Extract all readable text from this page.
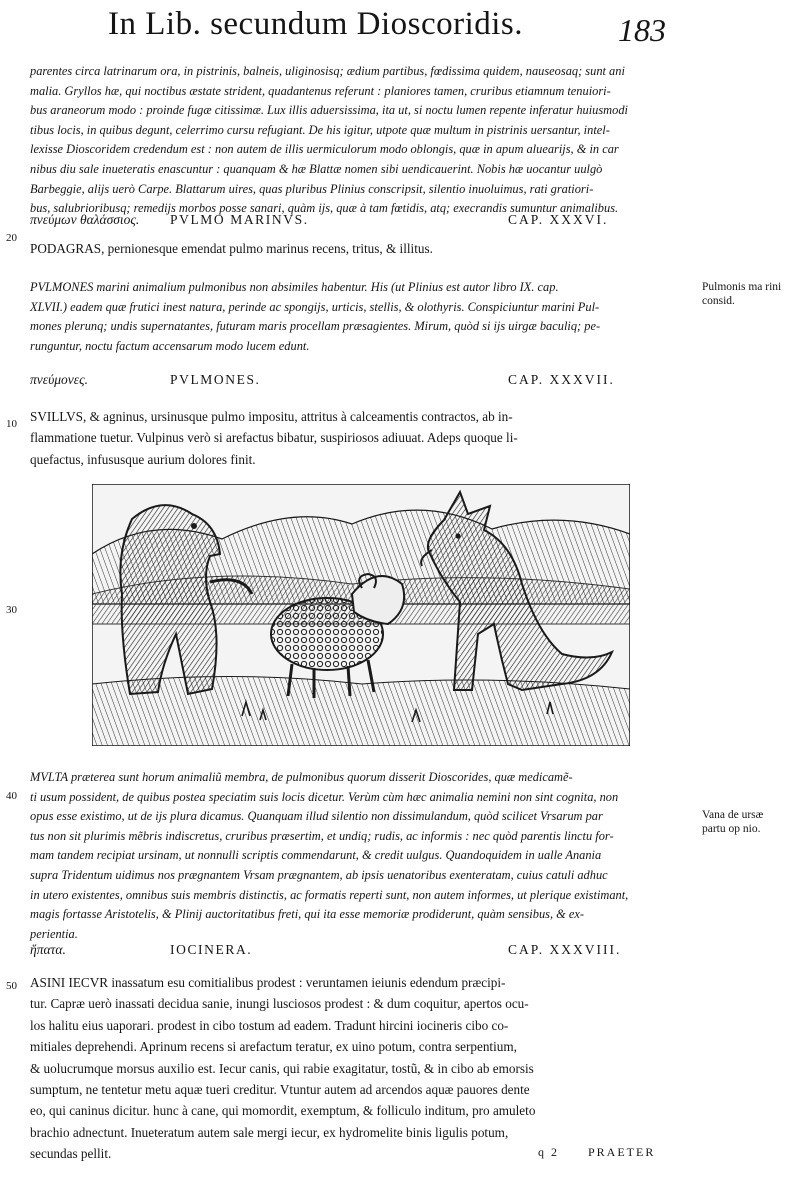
In Lib. secundum Dioscoridis.	183

parentes circa latrinarum ora, in pistrinis, balneis, uliginosisq; ædium partibus, fœdissima quidem, nauseosaq; sunt ani

malia. Gryllos hæ, qui noctibus æstate strident, quadantenus referunt : planiores tamen, cruribus etiamnum tenuiori-

bus araneorum modo : proinde fugæ citissimæ. Lux illis aduersissima, ita ut, si noctu lumen repente inferatur huiusmodi

tibus locis, in quibus degunt, celerrimo cursu refugiant. De his igitur, utpote quæ multum in pistrinis uersantur, intel-

lexisse Dioscoridem credendum est : non autem de illis uermiculorum modo oblongis, quæ in apum aluearijs, & in car

nibus diu sale inueteratis enascuntur : quanquam & hæ Blattæ nomen sibi uendicauerint. Nobis hæ uocantur uulgò

Barbeggie, alijs uerò Carpe. Blattarum uires, quas pluribus Plinius conscripsit, silentio inuoluimus, rati gratiori-

bus, salubrioribusq; remedijs morbos posse sanari, quàm ijs, quæ à tam fœtidis, atq; execrandis sumuntur animalibus.

πνεύμων θαλάσσιος. PVLMO MARINVS.	CAP. XXXVI.
20

PODAGRAS, pernionesque emendat pulmo marinus recens, tritus, & illitus.

PVLMONES marini animalium pulmonibus non absimiles habentur. His (ut Plinius est autor libro IX. cap.

XLVII.) eadem quæ frutici inest natura, perinde ac spongijs, urticis, stellis, & olothyris. Conspiciuntur marini Pul-

mones plerunq; undis supernatantes, futuram maris procellam præsagientes. Mirum, quòd si ijs uirgæ baculiq; pe-

runguntur, noctu factum accensarum modo lucem edunt.

Pulmonis ma rini consid.
πνεύμονες.	PVLMONES.	CAP. XXXVII.
10 SVILLVS, & agninus, ursinusque pulmo impositu, attritus à calceamentis contractos, ab in-

flammatione tuetur. Vulpinus verò si arefactus bibatur, suspiriosos adiuuat. Adeps quoque li-

quefactus, infususque aurium dolores finit.

30
40

MVLTA præterea sunt horum animaliũ membra, de pulmonibus quorum disserit Dioscorides, quæ medicamẽ-

ti usum possident, de quibus postea speciatim suis locis dicetur. Verùm cùm hæc animalia nemini non sint cognita, non

opus esse existimo, ut de ijs plura dicamus. Quanquam illud silentio non dissimulandum, quòd scilicet Vrsarum par

tus non sit plurimis mẽbris indiscretus, cruribus præsertim, et undiq; rudis, ac informis : nec quòd parentis linctu for-

mam tandem recipiat ursinam, ut nonnulli scriptis commendarunt, & credit uulgus. Quandoquidem in ualle Anania

supra Tridentum uidimus nos prægnantem Vrsam prægnantem, ab ipsis uenatoribus exenteratam, cuius catuli adhuc

in utero existentes, omnibus suis membris distinctis, ac formatis reperti sunt, non autem informes, ut plerique existimant,

magis fortasse Aristotelis, & Plinij auctoritatibus freti, qui ita esse memoriæ prodiderunt, quàm sensibus, & ex-

perientia.

Vana de ursæ partu op nio.
ἥπατα.	IOCINERA.	CAP. XXXVIII.
50 ASINI IECVR inassatum esu comitialibus prodest : veruntamen ieiunis edendum præcipi-

tur. Capræ uerò inassati decidua sanie, inungi lusciosos prodest : & dum coquitur, apertos ocu-

los halitu eius uaporari. prodest in cibo tostum ad eadem. Tradunt hircini iocineris cibo co-

mitiales deprehendi. Aprinum recens si arefactum teratur, ex uino potum, contra serpentium,

& uolucrumque morsus auxilio est. Iecur canis, qui rabie exagitatur, tostũ, & in cibo ab emorsis

sumptum, ne tentetur metu aquæ tueri creditur. Vtuntur autem ad arcendos aquæ pauores dente

eo, qui caninus dicitur. hunc à cane, qui momordit, exemptum, & folliculo inditum, pro amuleto

brachio adnectunt. Inueteratum autem sale mergi iecur, ex hydromelite binis ligulis potum,

secundas pellit.	q 2 PRAETER
